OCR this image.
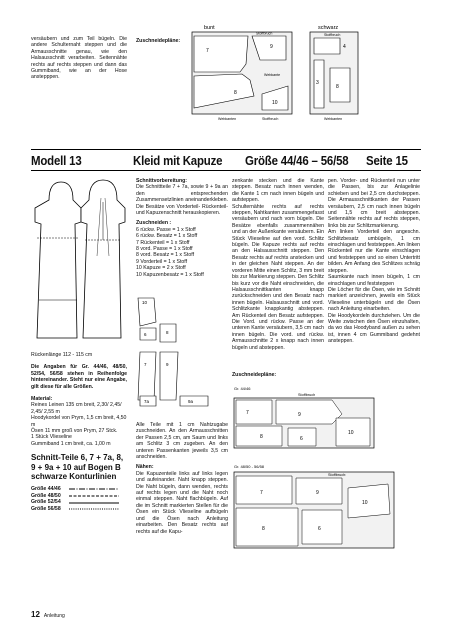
versäubern und zum Teil bügeln. Die andere Schulternaht steppen und die Armausschnitte genau, wie den Halsausschnitt verarbeiten. Seitennähte rechts auf rechts steppen und dann das Gummiband, wie an der Hose anstepppen.

Zuschneidepläne:
bunt	schwarz
7
8
9
10
Stoffbruch
Webkanten	Stoffbruch
Webkante
4
8
3
Stoffbruch
Webkanten
Modell 13	Kleid mit Kapuze Größe 44/46 – 56/58 Seite 15

Rückenlänge 112 - 115 cm

Die Angaben für Gr. 44/46, 48/50, 52/54, 56/58 stehen in Reihenfolge hintereinander. Steht nur eine Angabe, gilt diese für alle Größen.

Material:

Reines Leinen 135 cm breit, 2,30/ 2,45/ 2,45/ 2,55 m
Hoodykordel von Prym, 1,5 cm breit, 4,50 m
Ösen 11 mm groß von Prym, 27 Stck.
1 Stück Vlieseline
Gummiband 1 cm breit, ca. 1,00 m

Schnitt-Teile 6, 7 + 7a, 8, 9 + 9a + 10 auf Bogen B schwarze Konturlinien

Größe 44/46
Größe 48/50
Größe 52/54
Größe 56/58

Schnittvorbereitung:

Die Schnittteile 7 + 7a, sowie 9 + 9a an den entsprechenden Zusammensetzlinien aneinanderkleben. Die Besätze von Vorderteil- Rückenteil- und Kapuzenschnitt herauskopieren.

Zuschneiden :

6 rückw. Passe = 1 x Stoff
6 rückw. Besatz = 1 x Stoff
7 Rückenteil = 1 x Stoff
8 vord. Passe = 1 x Stoff
8 vord. Besatz = 1 x Stoff
9 Vorderteil = 1 x Stoff
10 Kapuze = 2 x Stoff
10 Kapuzenbesatz = 1 x Stoff
10
6	8
7	9
9a
7a

Alle Teile mit 1 cm Nahtzugabe zuschneiden. An den Armausschnitten der Passen 2,5 cm, am Saum und links am Schlitz 3 cm zugeben. An den unteren Passenkanten jeweils 3,5 cm anschneiden.

Nähen:

Die Kapuzenteile links auf links legen und aufeinander. Naht knapp steppen. Die Naht bügeln, dann wenden, rechts auf rechts legen und die Naht noch einmal steppen. Naht flachbügeln. Auf die im Schnitt markierten Stellen für die Ösen ein Stück Vlieseline aufbügeln und die Ösen nach Anleitung einarbeiten. Den Besatz rechts auf rechts auf die Kapu-

zenkante stecken und die Kante steppen. Besatz nach innen wenden, die Kante 1 cm nach innen bügeln und aufsteppen.
Schulternähte rechts auf rechts steppen, Nahtkanten zusammengefasst versäubern und nach vorn bügeln. Die Besätze ebenfalls zusammennähen und an der Außenkante versäubern. Ein Stück Vlieseline auf den vord. Schlitz bügeln. Die Kapuze rechts auf rechts an den Halsausschnitt steppen. Den Besatz rechts auf rechts anstecken und in der gleichen Naht steppen. An der vorderen Mitte einen Schlitz, 3 mm breit bis zur Markierung steppen. Den Schlitz bis kurz vor die Naht einschneiden, die Halsausschnittkanten knapp zurückschneiden und den Besatz nach innen bügeln. Halsausschnitt und vord. Schlitzkante knappkantig absteppen. Am Rückenteil den Besatz aufsteppen. Die Vord. und rückw. Passe an der unteren Kante versäubern, 3,5 cm nach innen bügeln. Die vord. und rückw. Armausschnitte 2 x knapp nach innen bügeln und absteppen.

pen. Vorder- und Rückenteil nun unter die Passen, bis zur Anlagelinie schieben und bei 2,5 cm durchsteppen. Die Armausschnittkanten der Passen versäubern, 2,5 cm nach innen bügeln und 1,5 cm breit absteppen. Seitennähte rechts auf rechts steppen, links bis zur Schlitzmarkierung.
Am linken Vorderteil den angeschn. Schlitzbesatz umbügeln, 1 cm einschlagen und feststeppen. Am linken Rückenteil nur die Kante einschlagen und feststeppen und so einen Untertritt bilden. Am Anfang des Schlitzes schräg steppen.
Saumkante nach innen bügeln, 1 cm einschlagen und feststeppen
Die Löcher für die Ösen, wie im Schnitt markiert anzeichnen, jeweils ein Stück Vlieseline unterbügeln und die Ösen nach Anleitung einarbeiten.
Die Hoodykordeln durchziehen. Um die Weite zwischen den Ösen einzuhalten, da wo das Hoodyband außen zu sehen ist, innen 4 cm Gummiband gedehnt ansteppen.

Zuschneidepläne:
Gr. 44/46
Stoffbruch
7
8
9
6
10
Gr. 48/50 - 56/58
Stoffbruch:
7	9
8	6
10
12 Anleitung
